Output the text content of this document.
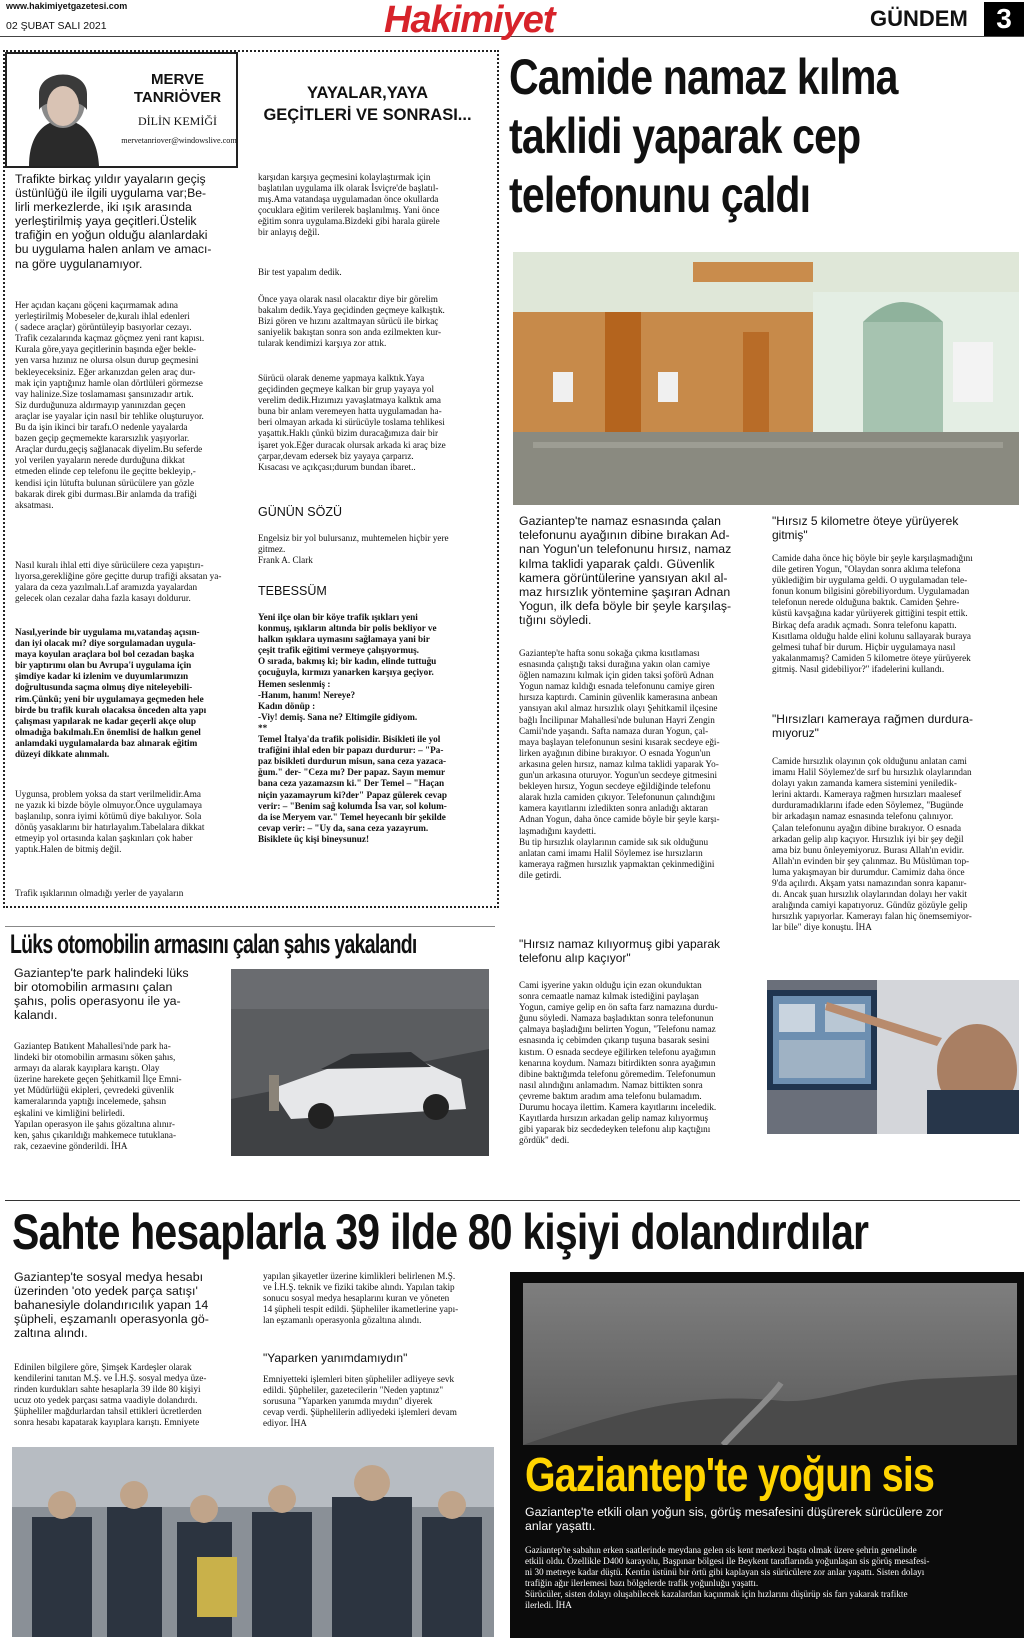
www.hakimiyetgazetesi.com
02 ŞUBAT SALI 2021	Hakimiyet	GÜNDEM	3
MERVE
TANRIÖVER
DİLİN KEMİĞİ
mervetanriover@windowslive.com
YAYALAR,YAYA
GEÇİTLERİ VE SONRASI...
Trafikte birkaç yıldır yayaların geçiş
üstünlüğü ile ilgili uygulama var;Be-
lirli merkezlerde, iki ışık arasında
yerleştirilmiş yaya geçitleri.Üstelik
trafiğin en yoğun olduğu alanlardaki
bu uygulama halen anlam ve amacı-
na göre uygulanamıyor.
Her açıdan kaçanı göçeni kaçırmamak adına
yerleştirilmiş Mobeseler de,kuralı ihlal edenleri
( sadece araçlar) görüntüleyip basıyorlar cezayı.
Trafik cezalarında kaçmaz göçmez yeni rant kapısı.
Kurala göre,yaya geçitlerinin başında eğer bekle-
yen varsa hızınız ne olursa olsun durup geçmesini
bekleyeceksiniz. Eğer arkanızdan gelen araç dur-
mak için yaptığınız hamle olan dörtlüleri görmezse
vay halinize.Size toslamaması şansınızadır artık.
Siz durduğunuza aldırmayıp yanınızdan geçen
araçlar ise yayalar için nasıl bir tehlike oluşturuyor.
Bu da işin ikinci bir tarafı.O nedenle yayalarda
bazen geçip geçmemekte kararsızlık yaşıyorlar.
Araçlar durdu,geçiş sağlanacak diyelim.Bu seferde
yol verilen yayaların nerede durduğuna dikkat
etmeden elinde cep telefonu ile geçitte bekleyip,-
kendisi için lütufta bulunan sürücülere yan gözle
bakarak direk gibi durması.Bir anlamda da trafiği
aksatması.
Nasıl kuralı ihlal etti diye sürücülere ceza yapıştırı-
lıyorsa,gerekliğine göre geçitte durup trafiği aksatan ya-
yalara da ceza yazılmalı.Laf aramızda yayalardan
gelecek olan cezalar daha fazla kasayı doldurur.
Nasıl,yerinde bir uygulama mı,vatandaş açısın-
dan iyi olacak mı? diye sorgulamadan uygula-
maya koyulan araçlara bol bol cezadan başka
bir yaptırımı olan bu Avrupa'i uygulama için
şimdiye kadar ki izlenim ve duyumlarımızın
doğrultusunda saçma olmuş diye niteleyebili-
rim.Çünkü; yeni bir uygulamaya geçmeden hele
birde bu trafik kuralı olacaksa önceden alta yapı
çalışması yapılarak ne kadar geçerli akçe olup
olmadığa bakılmalı.En önemlisi de halkın genel
anlamdaki uygulamalarda baz alınarak eğitim
düzeyi dikkate alınmalı.
Uygunsa, problem yoksa da start verilmelidir.Ama
ne yazık ki bizde böyle olmuyor.Önce uygulamaya
başlanılıp, sonra iyimi kötümü diye bakılıyor. Sola
dönüş yasaklarını bir hatırlayalım.Tabelalara dikkat
etmeyip yol ortasında kalan şaşkınları çok haber
yaptık.Halen de bitmiş değil.
Trafik ışıklarının olmadığı yerler de yayaların
karşıdan karşıya geçmesini kolaylaştırmak için
başlatılan uygulama ilk olarak İsviçre'de başlatıl-
mış.Ama vatandaşa uygulamadan önce okullarda
çocuklara eğitim verilerek başlanılmış. Yani önce
eğitim sonra uygulama.Bizdeki gibi harala gürele
bir anlayış değil.
Bir test yapalım dedik.
Önce yaya olarak nasıl olacaktır diye bir görelim
bakalım dedik.Yaya geçidinden geçmeye kalkıştık.
Bizi gören ve hızını azaltmayan sürücü ile birkaç
saniyelik bakıştan sonra son anda ezilmekten kur-
tularak kendimizi karşıya zor attık.
Sürücü olarak deneme yapmaya kalktık.Yaya
geçidinden geçmeye kalkan bir grup yayaya yol
verelim dedik.Hızımızı yavaşlatmaya kalktık ama
buna bir anlam veremeyen hatta uygulamadan ha-
beri olmayan arkada ki sürücüyle toslama tehlikesi
yaşattık.Haklı çünkü bizim duracağımıza dair bir
işaret yok.Eğer duracak olursak arkada ki araç bize
çarpar,devam edersek biz yayaya çarparız.
Kısacası ve açıkçası;durum bundan ibaret..
GÜNÜN SÖZÜ
Engelsiz bir yol bulursanız, muhtemelen hiçbir yere
gitmez.
Frank A. Clark
TEBESSÜM
Yeni ilçe olan bir köye trafik ışıkları yeni
konmuş, ışıkların altında bir polis bekliyor ve
halkın ışıklara uymasını sağlamaya yani bir
çeşit trafik eğitimi vermeye çalışıyormuş.
O sırada, bakmış ki; bir kadın, elinde tuttuğu
çocuğuyla, kırmızı yanarken karşıya geçiyor.
Hemen seslenmiş :
-Hanım, hanım! Nereye?
Kadın dönüp :
-Viy! demiş. Sana ne? Eltimgile gidiyom.
**
Temel İtalya'da trafik polisidir. Bisikleti ile yol
trafiğini ihlal eden bir papazı durdurur: – "Pa-
paz bisikleti durdurun misun, sana ceza yazaca-
ğum." der- "Ceza mı? Der papaz. Sayın memur
bana ceza yazamazsın ki." Der Temel – "Haçan
niçin yazamayrum ki?der" Papaz gülerek cevap
verir: – "Benim sağ kolumda İsa var, sol kolum-
da ise Meryem var." Temel heyecanlı bir şekilde
cevap verir: – "Uy da, sana ceza yazayrum.
Bisiklete üç kişi bineysunuz!
Camide namaz kılma
taklidi yaparak cep
telefonunu çaldı
Gaziantep'te namaz esnasında çalan
telefonunu ayağının dibine bırakan Ad-
nan Yogun'un telefonunu hırsız, namaz
kılma taklidi yaparak çaldı. Güvenlik
kamera görüntülerine yansıyan akıl al-
maz hırsızlık yöntemine şaşıran Adnan
Yogun, ilk defa böyle bir şeyle karşılaş-
tığını söyledi.
Gaziantep'te hafta sonu sokağa çıkma kısıtlaması
esnasında çalıştığı taksi durağına yakın olan camiye
öğlen namazını kılmak için giden taksi şoförü Adnan
Yogun namaz kıldığı esnada telefonunu camiye giren
hırsıza kaptırdı. Caminin güvenlik kamerasına anbean
yansıyan akıl almaz hırsızlık olayı Şehitkamil ilçesine
bağlı İncilipınar Mahallesi'nde bulunan Hayri Zengin
Camii'nde yaşandı. Safta namaza duran Yogun, çal-
maya başlayan telefonunun sesini kısarak secdeye eği-
lirken ayağının dibine bırakıyor. O esnada Yogun'un
arkasına gelen hırsız, namaz kılma taklidi yaparak Yo-
gun'un arkasına oturuyor. Yogun'un secdeye gitmesini
bekleyen hırsız, Yogun secdeye eğildiğinde telefonu
alarak hızla camiden çıkıyor. Telefonunun çalındığını
kamera kayıtlarını izledikten sonra anladığı aktaran
Adnan Yogun, daha önce camide böyle bir şeyle karşı-
laşmadığını kaydetti.
Bu tip hırsızlık olaylarının camide sık sık olduğunu
anlatan cami imamı Halil Söylemez ise hırsızların
kameraya rağmen hırsızlık yapmaktan çekinmediğini
dile getirdi.
"Hırsız namaz kılıyormuş gibi yaparak
telefonu alıp kaçıyor"
Cami işyerine yakın olduğu için ezan okunduktan
sonra cemaatle namaz kılmak istediğini paylaşan
Yogun, camiye gelip en ön safta farz namazına durdu-
ğunu söyledi. Namaza başladıktan sonra telefonunun
çalmaya başladığını belirten Yogun, "Telefonu namaz
esnasında iç cebimden çıkarıp tuşuna basarak sesini
kıstım. O esnada secdeye eğilirken telefonu ayağımın
kenarına koydum. Namazı bitirdikten sonra ayağımın
dibine baktığımda telefonu göremedim. Telefonumun
nasıl alındığını anlamadım. Namaz bittikten sonra
çevreme baktım aradım ama telefonu bulamadım.
Durumu hocaya ilettim. Kamera kayıtlarını inceledik.
Kayıtlarda hırsızın arkadan gelip namaz kılıyormuş
gibi yaparak biz secdedeyken telefonu alıp kaçtığını
gördük" dedi.
"Hırsız 5 kilometre öteye yürüyerek
gitmiş"
Camide daha önce hiç böyle bir şeyle karşılaşmadığını
dile getiren Yogun, "Olaydan sonra aklıma telefona
yüklediğim bir uygulama geldi. O uygulamadan tele-
fonun konum bilgisini görebiliyordum. Uygulamadan
telefonun nerede olduğuna baktık. Camiden Şehre-
küstü kavşağına kadar yürüyerek gittiğini tespit ettik.
Birkaç defa aradık açmadı. Sonra telefonu kapattı.
Kısıtlama olduğu halde elini kolunu sallayarak buraya
gelmesi tuhaf bir durum. Hiçbir uygulamaya nasıl
yakalanmamış? Camiden 5 kilometre öteye yürüyerek
gitmiş. Nasıl gidebiliyor?" ifadelerini kullandı.
"Hırsızları kameraya rağmen durdura-
mıyoruz"
Camide hırsızlık olayının çok olduğunu anlatan cami
imamı Halil Söylemez'de sırf bu hırsızlık olaylarından
dolayı yakın zamanda kamera sistemini yeniledik-
lerini aktardı. Kameraya rağmen hırsızları maalesef
durduramadıklarını ifade eden Söylemez, "Bugünde
bir arkadaşın namaz esnasında telefonu çalınıyor.
Çalan telefonunu ayağın dibine bırakıyor. O esnada
arkadan gelip alıp kaçıyor. Hırsızlık iyi bir şey değil
ama biz bunu önleyemiyoruz. Burası Allah'ın evidir.
Allah'ın evinden bir şey çalınmaz. Bu Müslüman top-
luma yakışmayan bir durumdur. Camimiz daha önce
9'da açılırdı. Akşam yatsı namazından sonra kapanır-
dı. Ancak şuan hırsızlık olaylarından dolayı her vakit
aralığında camiyi kapatıyoruz. Gündüz gözüyle gelip
hırsızlık yapıyorlar. Kamerayı falan hiç önemsemiyor-
lar bile" diye konuştu. İHA
Lüks otomobilin armasını çalan şahıs yakalandı
Gaziantep'te park halindeki lüks
bir otomobilin armasını çalan
şahıs, polis operasyonu ile ya-
kalandı.
Gaziantep Batıkent Mahallesi'nde park ha-
lindeki bir otomobilin armasını söken şahıs,
armayı da alarak kayıplara karıştı. Olay
üzerine harekete geçen Şehitkamil İlçe Emni-
yet Müdürlüğü ekipleri, çevredeki güvenlik
kameralarında yaptığı incelemede, şahsın
eşkalini ve kimliğini belirledi.
Yapılan operasyon ile şahıs gözaltına alınır-
ken, şahıs çıkarıldığı mahkemece tutuklana-
rak, cezaevine gönderildi. İHA
Sahte hesaplarla 39 ilde 80 kişiyi dolandırdılar
Gaziantep'te sosyal medya hesabı
üzerinden 'oto yedek parça satışı'
bahanesiyle dolandırıcılık yapan 14
şüpheli, eşzamanlı operasyonla gö-
zaltına alındı.
Edinilen bilgilere göre, Şimşek Kardeşler olarak
kendilerini tanıtan M.Ş. ve İ.H.Ş. sosyal medya üze-
rinden kurdukları sahte hesaplarla 39 ilde 80 kişiyi
ucuz oto yedek parçası satma vaadiyle dolandırdı.
Şüpheliler mağdurlardan tahsil ettikleri ücretlerden
sonra hesabı kapatarak kayıplara karıştı. Emniyete
yapılan şikayetler üzerine kimlikleri belirlenen M.Ş.
ve İ.H.Ş. teknik ve fiziki takibe alındı. Yapılan takip
sonucu sosyal medya hesaplarını kuran ve yöneten
14 şüpheli tespit edildi. Şüpheliler ikametlerine yapı-
lan eşzamanlı operasyonla gözaltına alındı.
"Yaparken yanımdamıydın"
Emniyetteki işlemleri biten şüpheliler adliyeye sevk
edildi. Şüpheliler, gazetecilerin "Neden yaptınız"
sorusuna "Yaparken yanımda mıydın" diyerek
cevap verdi. Şüphelilerin adliyedeki işlemleri devam
ediyor. İHA
Gaziantep'te yoğun sis
Gaziantep'te etkili olan yoğun sis, görüş mesafesini düşürerek sürücülere zor
anlar yaşattı.
Gaziantep'te sabahın erken saatlerinde meydana gelen sis kent merkezi başta olmak üzere şehrin genelinde
etkili oldu. Özellikle D400 karayolu, Başpınar bölgesi ile Beykent taraflarında yoğunlaşan sis görüş mesafesi-
ni 30 metreye kadar düştü. Kentin üstünü bir örtü gibi kaplayan sis sürücülere zor anlar yaşattı. Sisten dolayı
trafiğin ağır ilerlemesi bazı bölgelerde trafik yoğunluğu yaşattı.
Sürücüler, sisten dolayı oluşabilecek kazalardan kaçınmak için hızlarını düşürüp sis farı yakarak trafikte
ilerledi. İHA
